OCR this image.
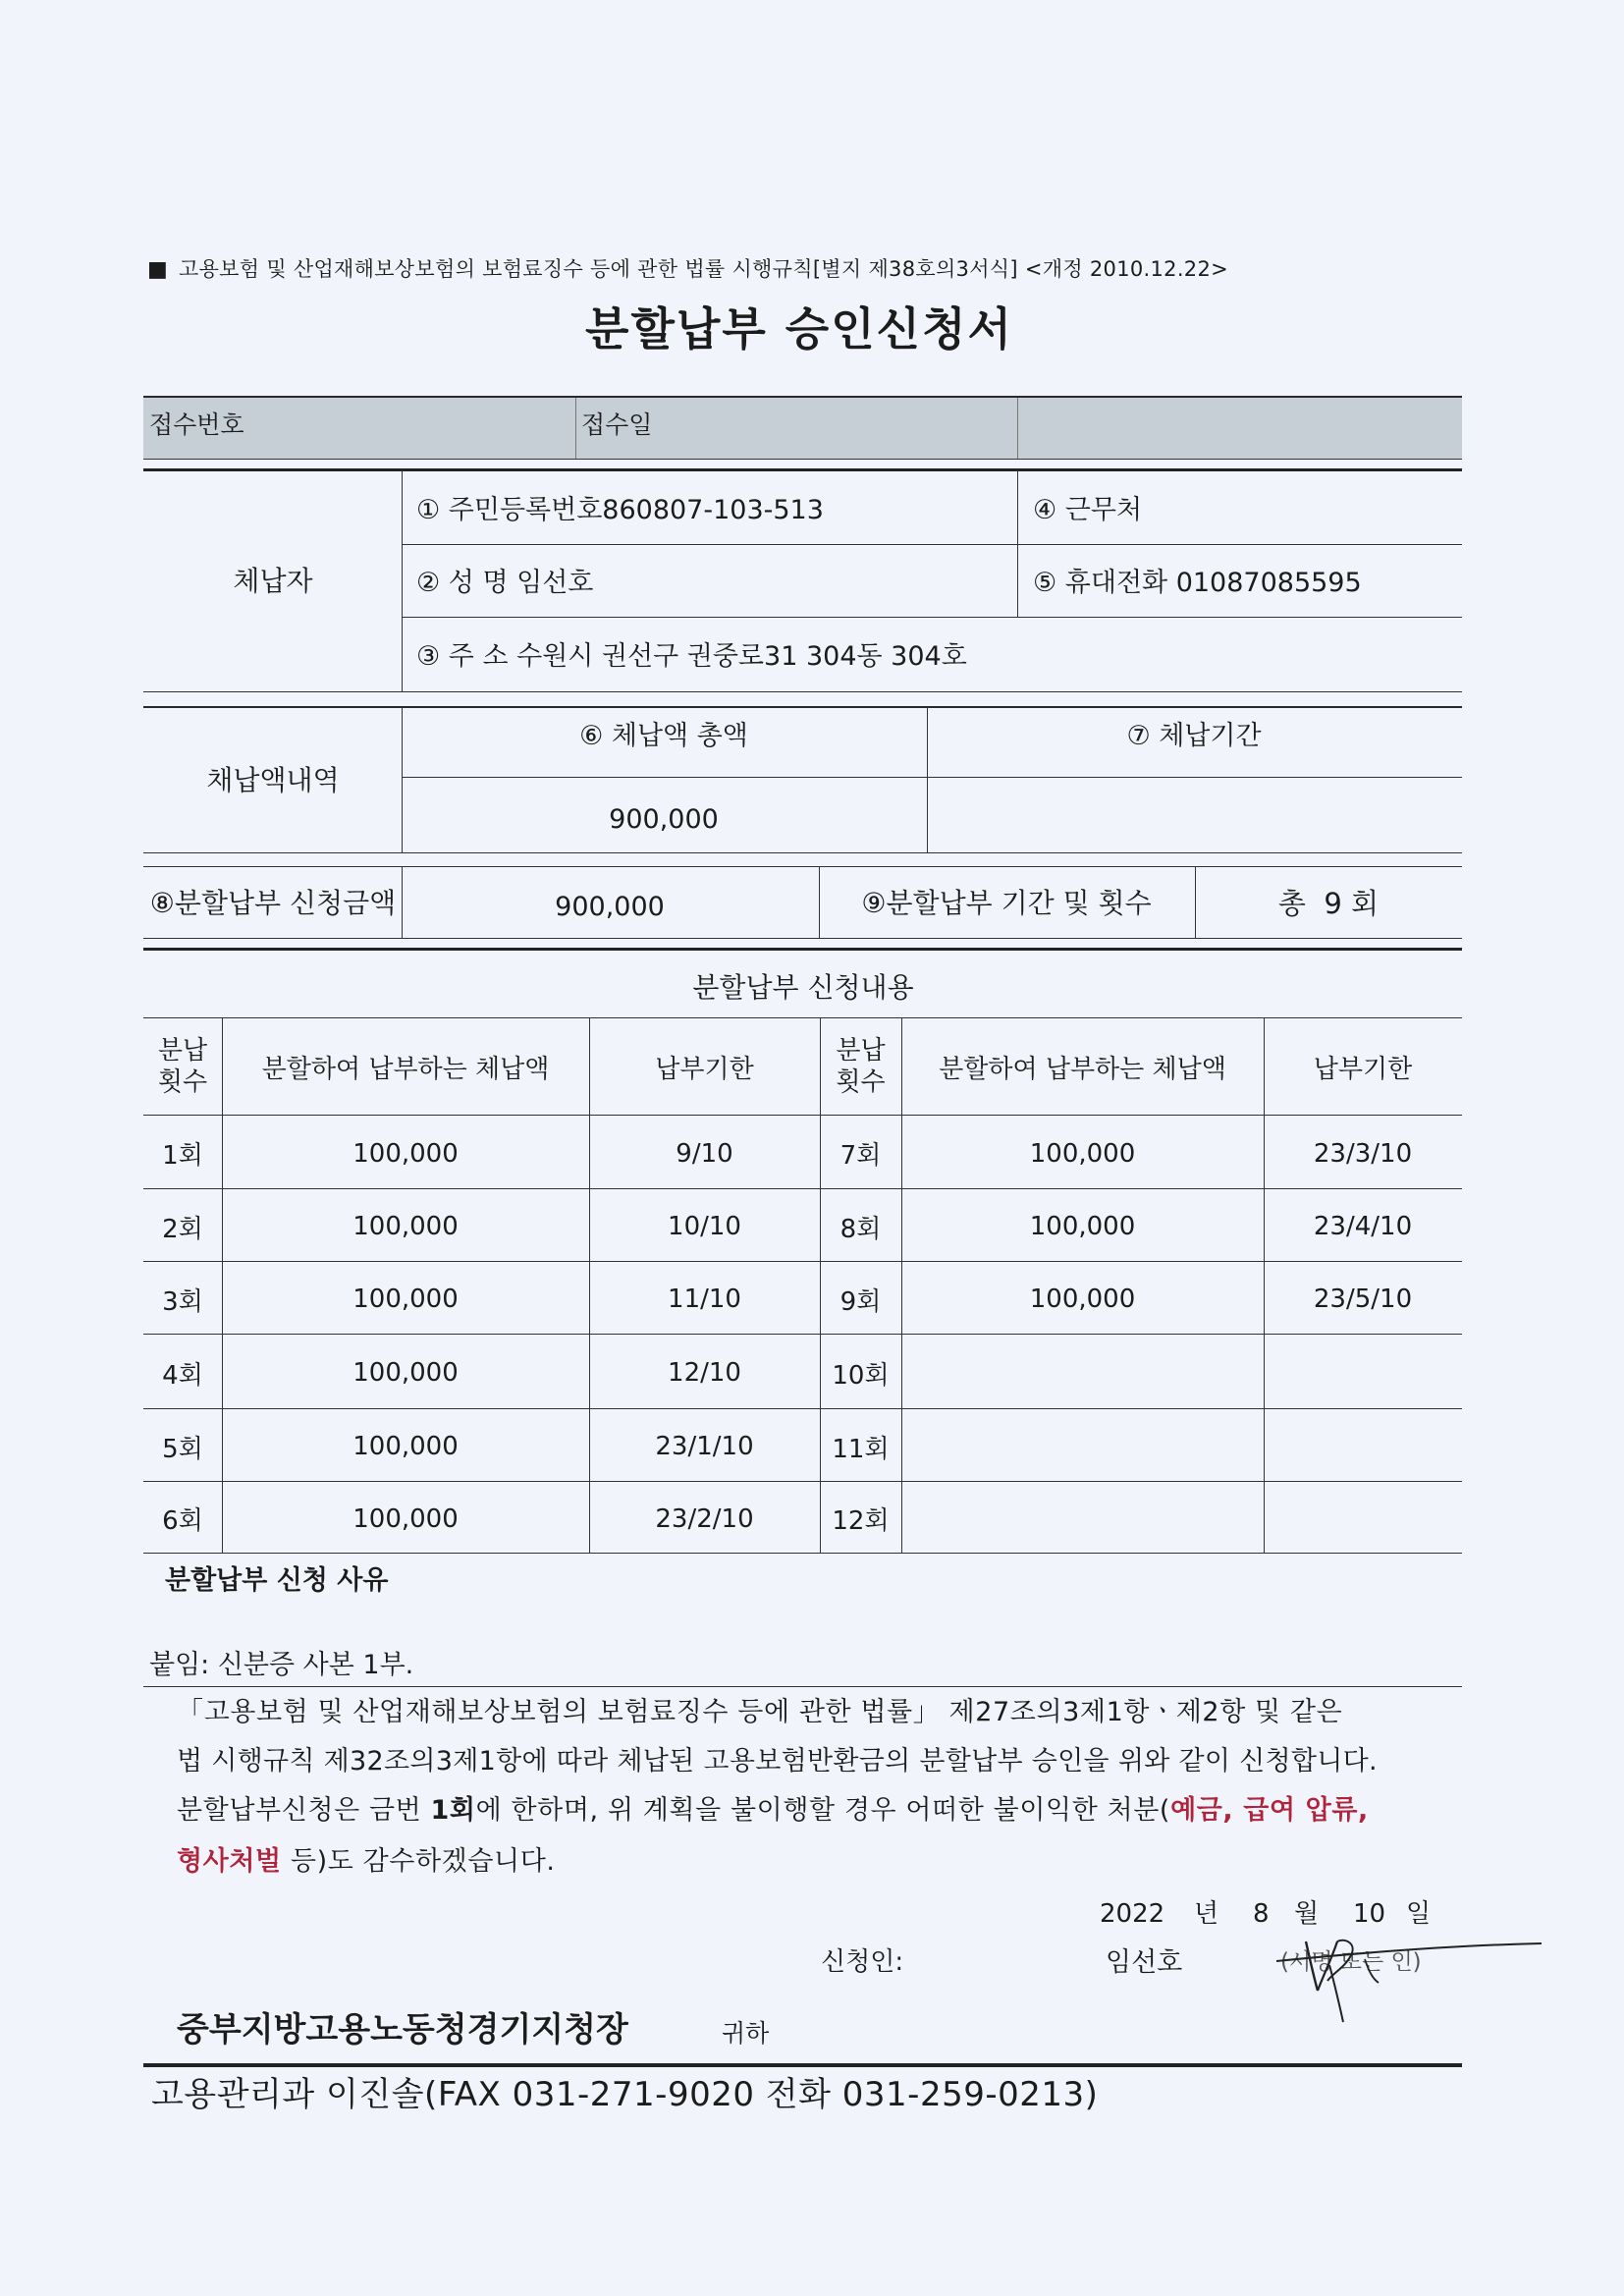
■ 고용보험 및 산업재해보상보험의 보험료징수 등에 관한 법률 시행규칙[별지 제38호의3서식] <개정 2010.12.22>
분할납부 승인신청서
접수번호	접수일
체납자
① 주민등록번호860807-103-513	④ 근무처
② 성 명 임선호	⑤ 휴대전화 01087085595
③ 주 소 수원시 권선구 권중로31 304동 304호
채납액내역
⑥ 체납액 총액	⑦ 체납기간
900,000
⑧분할납부 신청금액	900,000	⑨분할납부 기간 및 횟수	총  9 회
분할납부 신청내용
분납
횟수	분할하여 납부하는 체납액	납부기한
분납
횟수	분할하여 납부하는 체납액	납부기한
1회	100,000	9/10	7회	100,000	23/3/10
2회	100,000	10/10	8회	100,000	23/4/10
3회	100,000	11/10	9회	100,000	23/5/10
4회	100,000	12/10	10회
5회	100,000	23/1/10	11회
6회	100,000	23/2/10	12회
분할납부 신청 사유
붙임: 신분증 사본 1부.
「고용보험 및 산업재해보상보험의 보험료징수 등에 관한 법률」 제27조의3제1항ㆍ제2항 및 같은
법 시행규칙 제32조의3제1항에 따라 체납된 고용보험반환금의 분할납부 승인을 위와 같이 신청합니다.
분할납부신청은 금번 1회에 한하며, 위 계획을 불이행할 경우 어떠한 불이익한 처분(예금, 급여 압류,
형사처벌 등)도 감수하겠습니다.
2022 년 8 월 10 일
신청인:	임선호	(서명 또는 인)
중부지방고용노동청경기지청장	귀하
고용관리과 이진솔(FAX 031-271-9020 전화 031-259-0213)
